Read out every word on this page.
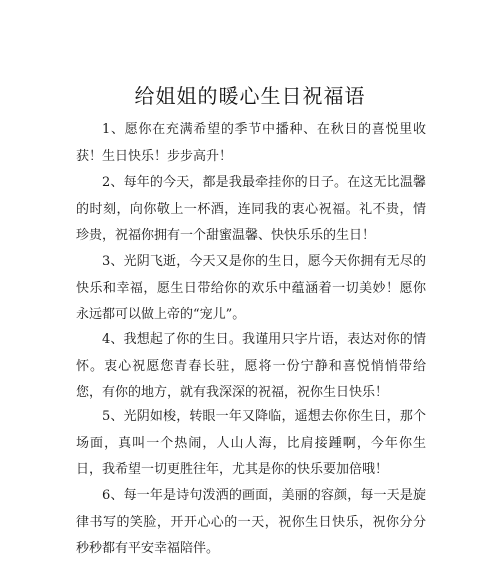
给姐姐的暖心生日祝福语

1、愿你在充满希望的季节中播种、在秋日的喜悦里收获！生日快乐！步步高升！

2、每年的今天，都是我最牵挂你的日子。在这无比温馨的时刻，向你敬上一杯酒，连同我的衷心祝福。礼不贵，情珍贵，祝福你拥有一个甜蜜温馨、快快乐乐的生日！

3、光阴飞逝，今天又是你的生日，愿今天你拥有无尽的快乐和幸福，愿生日带给你的欢乐中蕴涵着一切美妙！愿你永远都可以做上帝的“宠儿”。

4、我想起了你的生日。我谨用只字片语，表达对你的情怀。衷心祝愿您青春长驻，愿将一份宁静和喜悦悄悄带给您，有你的地方，就有我深深的祝福，祝你生日快乐！

5、光阴如梭，转眼一年又降临，遥想去你你生日，那个场面，真叫一个热闹，人山人海，比肩接踵啊，今年你生日，我希望一切更胜往年，尤其是你的快乐要加倍哦！

6、每一年是诗句泼洒的画面，美丽的容颜，每一天是旋律书写的笑脸，开开心心的一天，祝你生日快乐，祝你分分秒秒都有平安幸福陪伴。
